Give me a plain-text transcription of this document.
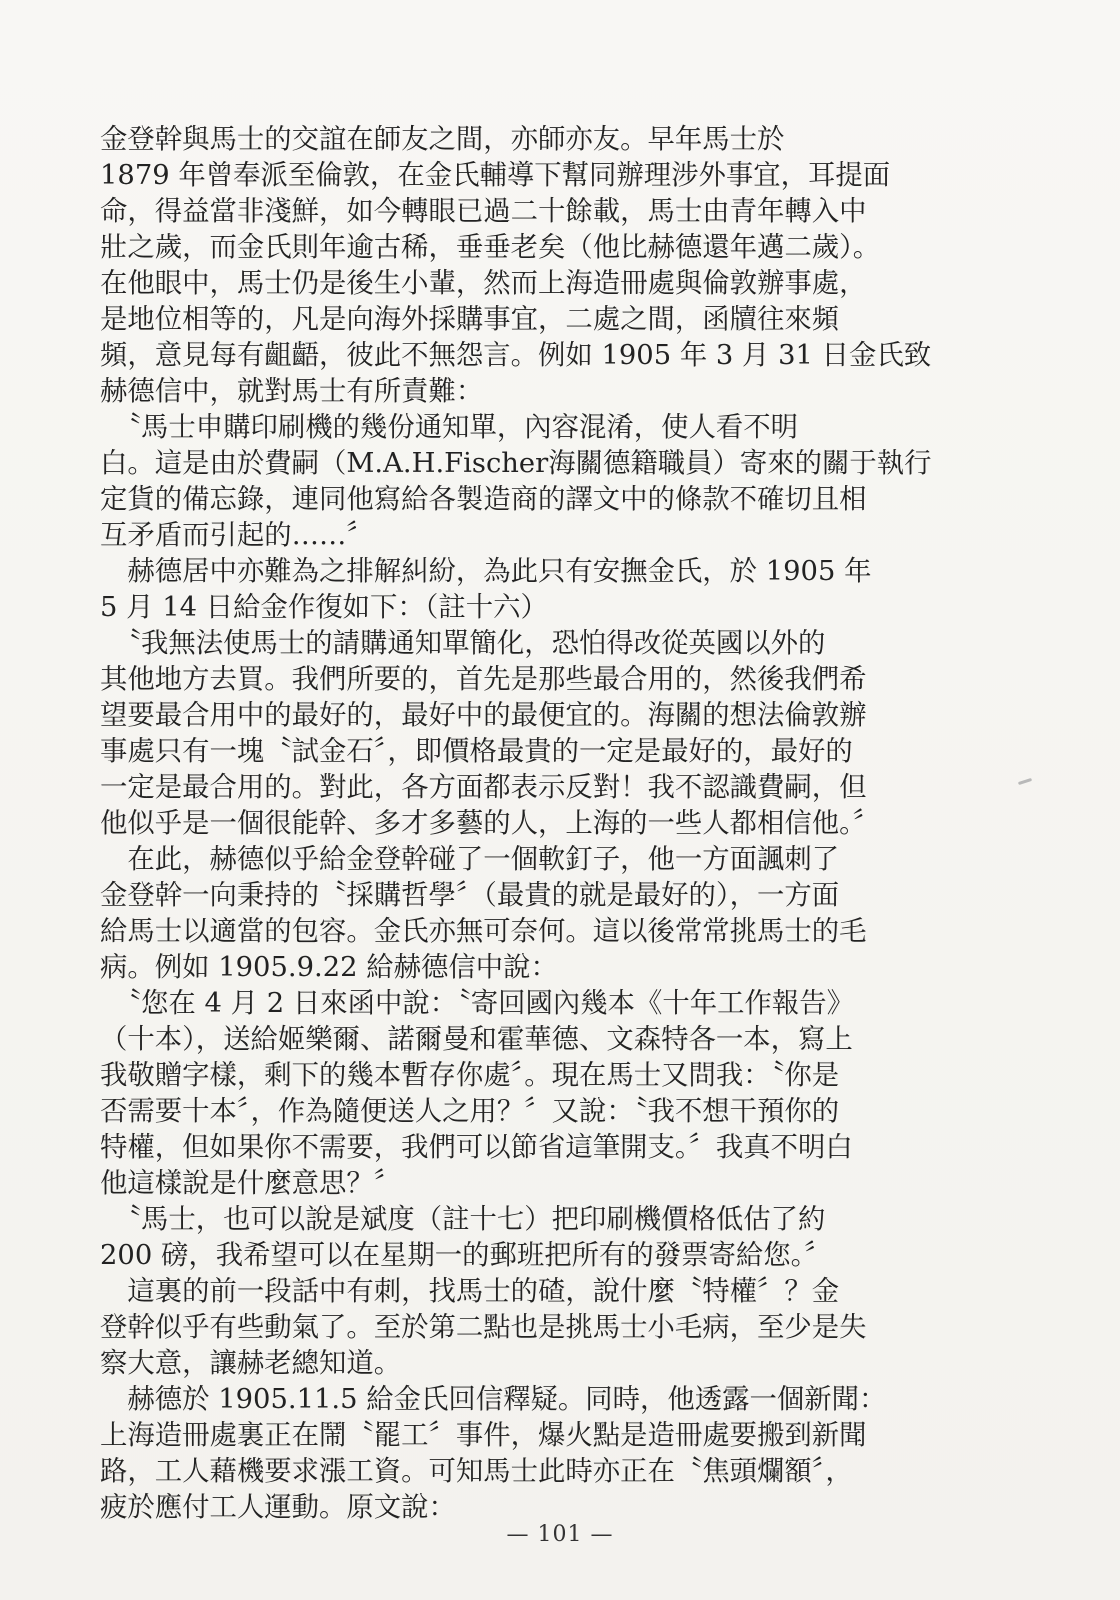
金登幹與馬士的交誼在師友之間，亦師亦友。早年馬士於
1879 年曾奉派至倫敦，在金氏輔導下幫同辦理涉外事宜，耳提面
命，得益當非淺鮮，如今轉眼已過二十餘載，馬士由青年轉入中
壯之歲，而金氏則年逾古稀，垂垂老矣（他比赫德還年邁二歲）。
在他眼中，馬士仍是後生小輩，然而上海造冊處與倫敦辦事處，
是地位相等的，凡是向海外採購事宜，二處之間，函牘往來頻
頻，意見每有齟齬，彼此不無怨言。例如 1905 年 3 月 31 日金氏致
赫德信中，就對馬士有所責難：
　〝馬士申購印刷機的幾份通知單，內容混淆，使人看不明
白。這是由於費嗣（M.A.H.Fischer海關德籍職員）寄來的關于執行
定貨的備忘錄，連同他寫給各製造商的譯文中的條款不確切且相
互矛盾而引起的……〞
　赫德居中亦難為之排解糾紛，為此只有安撫金氏，於 1905 年
5 月 14 日給金作復如下：（註十六）
　〝我無法使馬士的請購通知單簡化，恐怕得改從英國以外的
其他地方去買。我們所要的，首先是那些最合用的，然後我們希
望要最合用中的最好的，最好中的最便宜的。海關的想法倫敦辦
事處只有一塊〝試金石〞，即價格最貴的一定是最好的，最好的
一定是最合用的。對此，各方面都表示反對！我不認識費嗣，但
他似乎是一個很能幹、多才多藝的人，上海的一些人都相信他。〞
　在此，赫德似乎給金登幹碰了一個軟釘子，他一方面諷刺了
金登幹一向秉持的〝採購哲學〞（最貴的就是最好的），一方面
給馬士以適當的包容。金氏亦無可奈何。這以後常常挑馬士的毛
病。例如 1905.9.22 給赫德信中說：
　〝您在 4 月 2 日來函中說：〝寄回國內幾本《十年工作報告》
（十本），送給姬樂爾、諾爾曼和霍華德、文森特各一本，寫上
我敬贈字樣，剩下的幾本暫存你處〞。現在馬士又問我：〝你是
否需要十本〞，作為隨便送人之用？〞又說：〝我不想干預你的
特權，但如果你不需要，我們可以節省這筆開支。〞我真不明白
他這樣說是什麼意思？〞
　〝馬士，也可以說是斌度（註十七）把印刷機價格低估了約
200 磅，我希望可以在星期一的郵班把所有的發票寄給您。〞
　這裏的前一段話中有刺，找馬士的碴，說什麼〝特權〞？金
登幹似乎有些動氣了。至於第二點也是挑馬士小毛病，至少是失
察大意，讓赫老總知道。
　赫德於 1905.11.5 給金氏回信釋疑。同時，他透露一個新聞：
上海造冊處裏正在鬧〝罷工〞事件，爆火點是造冊處要搬到新聞
路，工人藉機要求漲工資。可知馬士此時亦正在〝焦頭爛額〞，
疲於應付工人運動。原文說：
— 101 —
